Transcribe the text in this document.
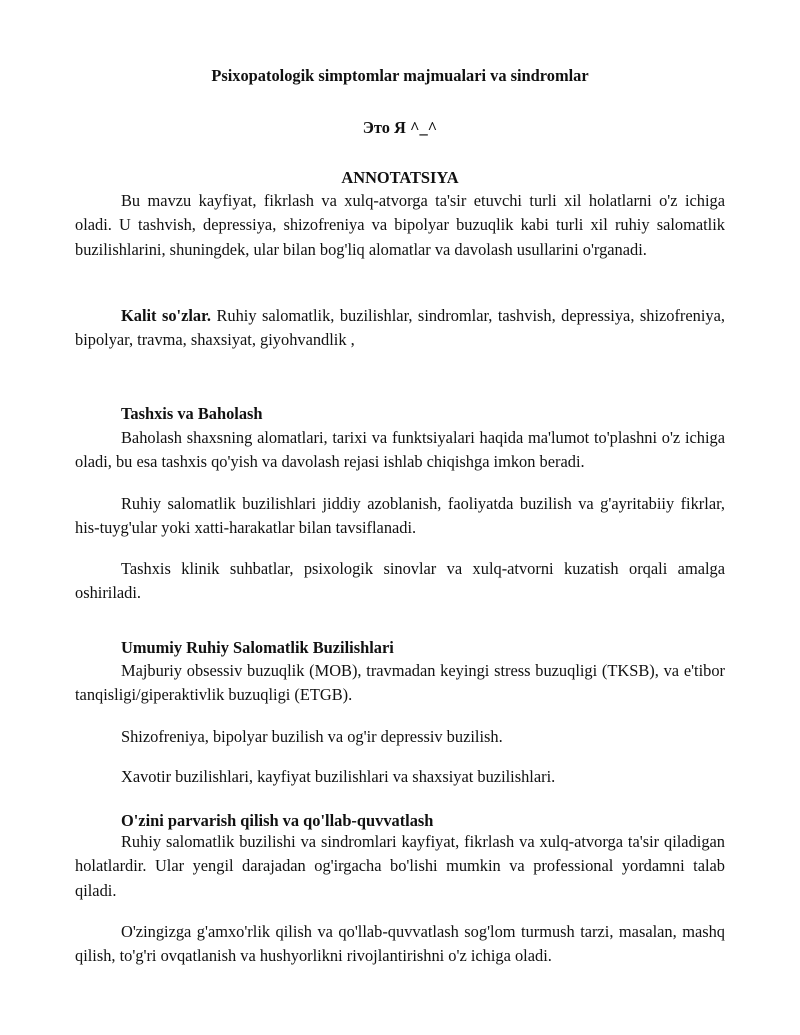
Psixopatologik simptomlar majmualari va sindromlar
Это Я ^_^
ANNOTATSIYA

Bu mavzu kayfiyat, fikrlash va xulq-atvorga ta'sir etuvchi turli xil holatlarni o'z ichiga oladi. U tashvish, depressiya, shizofreniya va bipolyar buzuqlik kabi turli xil ruhiy salomatlik buzilishlarini, shuningdek, ular bilan bog'liq alomatlar va davolash usullarini o'rganadi.

Kalit so'zlar. Ruhiy salomatlik, buzilishlar, sindromlar, tashvish, depressiya, shizofreniya, bipolyar, travma, shaxsiyat, giyohvandlik ,

Tashxis va Baholash

Baholash shaxsning alomatlari, tarixi va funktsiyalari haqida ma'lumot to'plashni o'z ichiga oladi, bu esa tashxis qo'yish va davolash rejasi ishlab chiqishga imkon beradi.

Ruhiy salomatlik buzilishlari jiddiy azoblanish, faoliyatda buzilish va g'ayritabiiy fikrlar, his-tuyg'ular yoki xatti-harakatlar bilan tavsiflanadi.

Tashxis klinik suhbatlar, psixologik sinovlar va xulq-atvorni kuzatish orqali amalga oshiriladi.

Umumiy Ruhiy Salomatlik Buzilishlari

Majburiy obsessiv buzuqlik (MOB), travmadan keyingi stress buzuqligi (TKSB), va e'tibor tanqisligi/giperaktivlik buzuqligi (ETGB).

Shizofreniya, bipolyar buzilish va og'ir depressiv buzilish.

Xavotir buzilishlari, kayfiyat buzilishlari va shaxsiyat buzilishlari.

O'zini parvarish qilish va qo'llab-quvvatlash

Ruhiy salomatlik buzilishi va sindromlari kayfiyat, fikrlash va xulq-atvorga ta'sir qiladigan holatlardir. Ular yengil darajadan og'irgacha bo'lishi mumkin va professional yordamni talab qiladi.

O'zingizga g'amxo'rlik qilish va qo'llab-quvvatlash sog'lom turmush tarzi, masalan, mashq qilish, to'g'ri ovqatlanish va hushyorlikni rivojlantirishni o'z ichiga oladi.
